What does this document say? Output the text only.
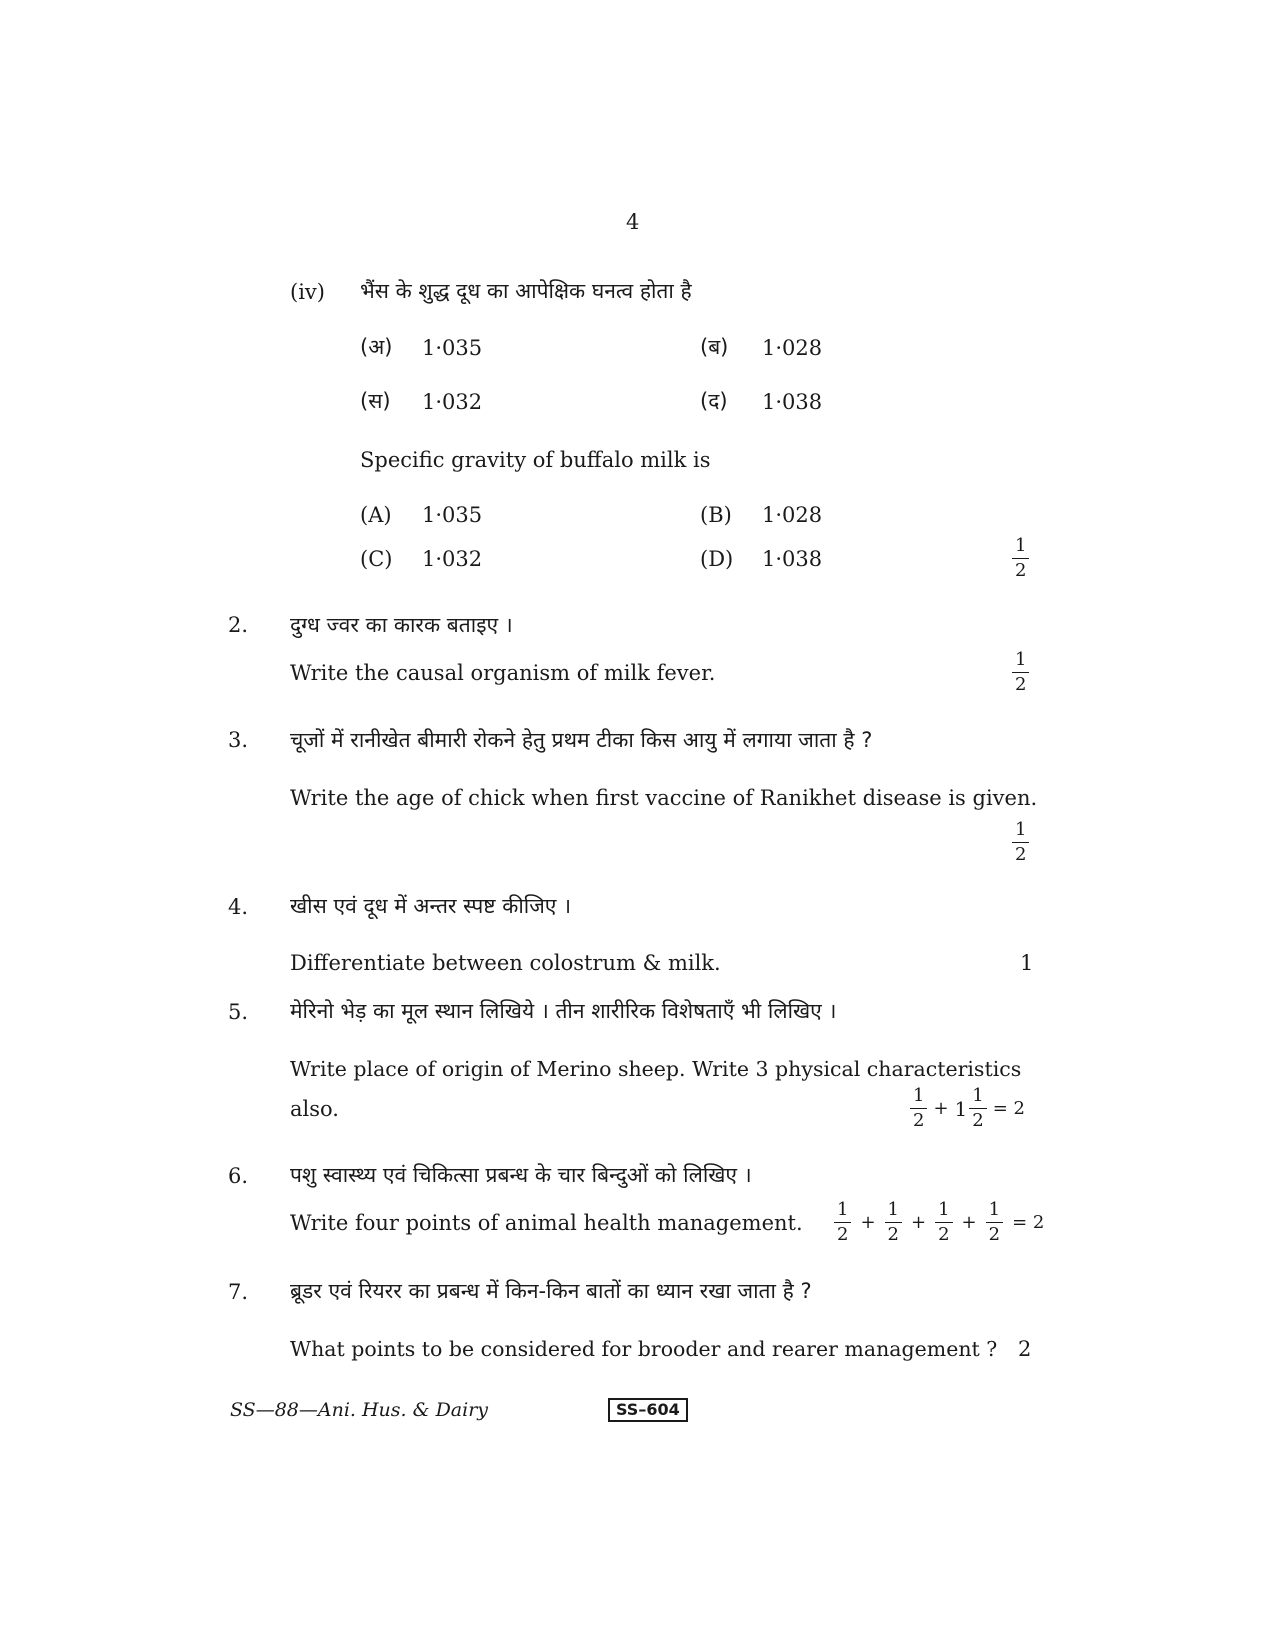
4
(iv) भैंस के शुद्ध दूध का आपेक्षिक घनत्व होता है
(अ) 1·035	(ब) 1·028
(स) 1·032	(द) 1·038
Specific gravity of buffalo milk is
(A) 1·035	(B) 1·028
(C) 1·032	(D) 1·038	$\frac{1}{2}$
2. दुग्ध ज्वर का कारक बताइए ।
Write the causal organism of milk fever.	$\frac{1}{2}$
3. चूजों में रानीखेत बीमारी रोकने हेतु प्रथम टीका किस आयु में लगाया जाता है ?
Write the age of chick when first vaccine of Ranikhet disease is given.
$\frac{1}{2}$
4. खीस एवं दूध में अन्तर स्पष्ट कीजिए ।
Differentiate between colostrum & milk.	1
5. मेरिनो भेड़ का मूल स्थान लिखिये । तीन शारीरिक विशेषताएँ भी लिखिए ।
Write place of origin of Merino sheep. Write 3 physical characteristics
also.	$\frac{1}{2} + 1 \frac{1}{2} = 2$
6. पशु स्वास्थ्य एवं चिकित्सा प्रबन्ध के चार बिन्दुओं को लिखिए ।
Write four points of animal health management. $\frac{1}{2} + \frac{1}{2} + \frac{1}{2} + \frac{1}{2} = 2$
7. ब्रूडर एवं रियरर का प्रबन्ध में किन-किन बातों का ध्यान रखा जाता है ?
What points to be considered for brooder and rearer management ? 2
SS—88—Ani. Hus. & Dairy	SS–604
